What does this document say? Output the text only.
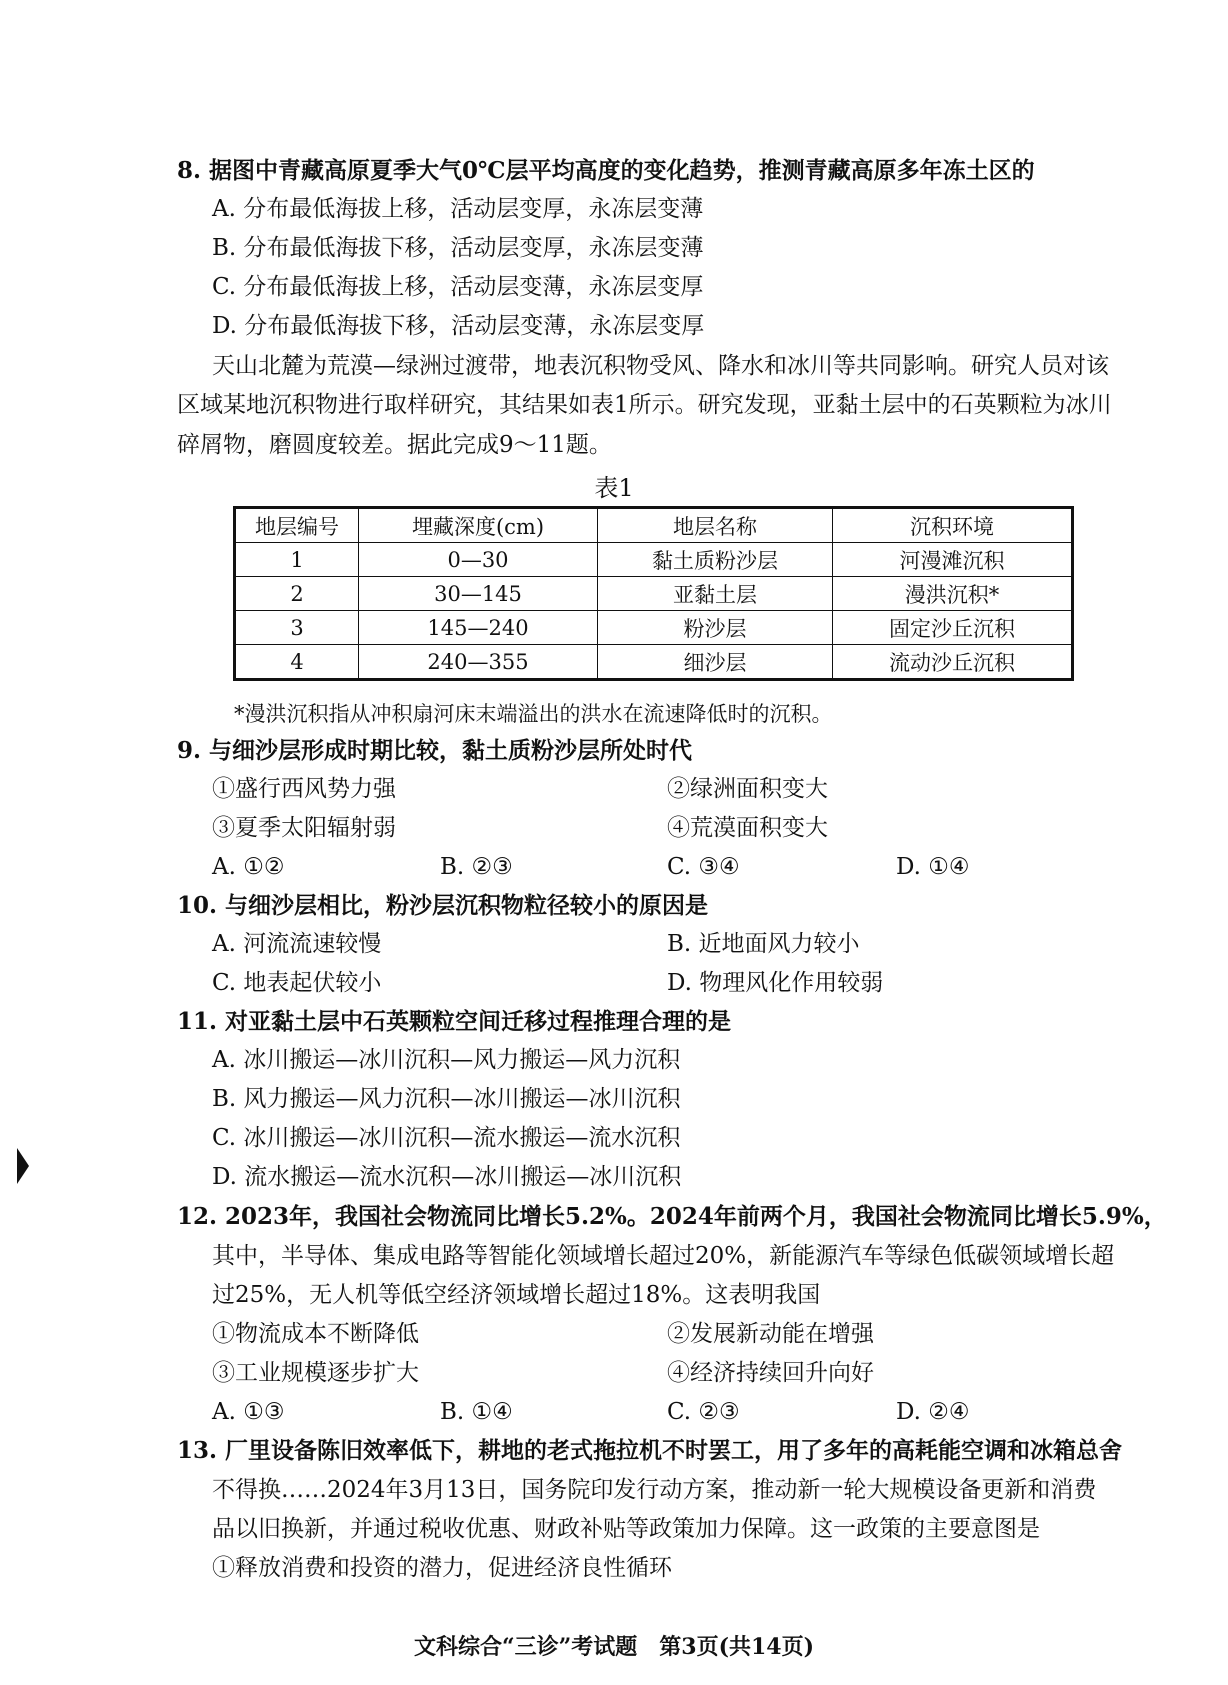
8. 据图中青藏高原夏季大气0℃层平均高度的变化趋势，推测青藏高原多年冻土区的
A. 分布最低海拔上移，活动层变厚，永冻层变薄
B. 分布最低海拔下移，活动层变厚，永冻层变薄
C. 分布最低海拔上移，活动层变薄，永冻层变厚
D. 分布最低海拔下移，活动层变薄，永冻层变厚
天山北麓为荒漠—绿洲过渡带，地表沉积物受风、降水和冰川等共同影响。研究人员对该
区域某地沉积物进行取样研究，其结果如表1所示。研究发现，亚黏土层中的石英颗粒为冰川
碎屑物，磨圆度较差。据此完成9～11题。
表1
地层编号	埋藏深度(cm)	地层名称	沉积环境
1	0—30	黏土质粉沙层	河漫滩沉积
2	30—145	亚黏土层	漫洪沉积*
3	145—240	粉沙层	固定沙丘沉积
4	240—355	细沙层	流动沙丘沉积
*漫洪沉积指从冲积扇河床末端溢出的洪水在流速降低时的沉积。
9. 与细沙层形成时期比较，黏土质粉沙层所处时代
①盛行西风势力强	②绿洲面积变大
③夏季太阳辐射弱	④荒漠面积变大
A. ①②	B. ②③	C. ③④	D. ①④
10. 与细沙层相比，粉沙层沉积物粒径较小的原因是
A. 河流流速较慢	B. 近地面风力较小
C. 地表起伏较小	D. 物理风化作用较弱
11. 对亚黏土层中石英颗粒空间迁移过程推理合理的是
A. 冰川搬运—冰川沉积—风力搬运—风力沉积
B. 风力搬运—风力沉积—冰川搬运—冰川沉积
C. 冰川搬运—冰川沉积—流水搬运—流水沉积
D. 流水搬运—流水沉积—冰川搬运—冰川沉积
12. 2023年，我国社会物流同比增长5.2%。2024年前两个月，我国社会物流同比增长5.9%，
其中，半导体、集成电路等智能化领域增长超过20%，新能源汽车等绿色低碳领域增长超
过25%，无人机等低空经济领域增长超过18%。这表明我国
①物流成本不断降低	②发展新动能在增强
③工业规模逐步扩大	④经济持续回升向好
A. ①③	B. ①④	C. ②③	D. ②④
13. 厂里设备陈旧效率低下，耕地的老式拖拉机不时罢工，用了多年的高耗能空调和冰箱总舍
不得换……2024年3月13日，国务院印发行动方案，推动新一轮大规模设备更新和消费
品以旧换新，并通过税收优惠、财政补贴等政策加力保障。这一政策的主要意图是
①释放消费和投资的潜力，促进经济良性循环
文科综合“三诊”考试题　第3页(共14页)
